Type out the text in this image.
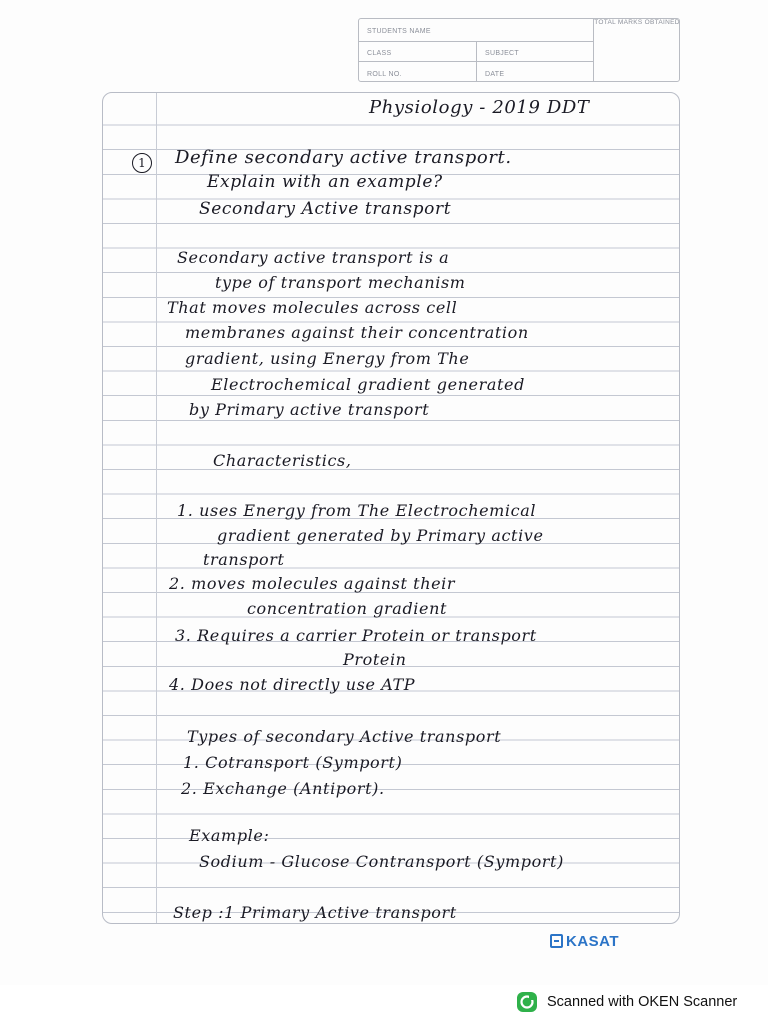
STUDENTS NAME
TOTAL MARKS OBTAINED
CLASS	SUBJECT
ROLL NO.	DATE
Physiology - 2019 DDT
1	Define secondary active transport.
Explain with an example?
Secondary Active transport
Secondary active transport is a
type of transport mechanism
That moves molecules across cell
membranes against their concentration
gradient, using Energy from The
Electrochemical gradient generated
by Primary active transport
Characteristics,
1. uses Energy from The Electrochemical
gradient generated by Primary active
transport
2. moves molecules against their
concentration gradient
3. Requires a carrier Protein or transport
Protein
4. Does not directly use ATP
Types of secondary Active transport
1. Cotransport (Symport)
2. Exchange (Antiport).
Example:
Sodium - Glucose Contransport (Symport)
Step :1 Primary Active transport
KASAT
Scanned with OKEN Scanner
